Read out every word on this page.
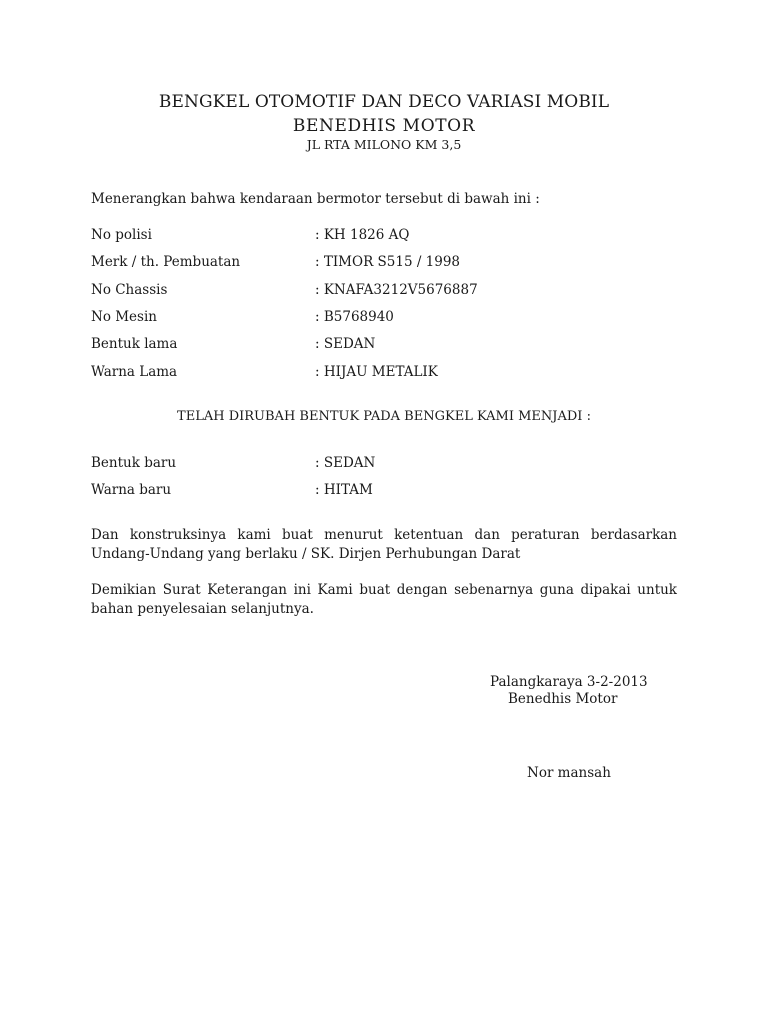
BENGKEL OTOMOTIF DAN DECO VARIASI MOBIL
BENEDHIS MOTOR
JL RTA MILONO KM 3,5
Menerangkan bahwa kendaraan bermotor tersebut di bawah ini :
No polisi	: KH 1826 AQ
Merk / th. Pembuatan	: TIMOR S515 / 1998
No Chassis	: KNAFA3212V5676887
No Mesin	: B5768940
Bentuk lama	: SEDAN
Warna Lama	: HIJAU METALIK
TELAH DIRUBAH BENTUK PADA BENGKEL KAMI MENJADI :
Bentuk baru	: SEDAN
Warna baru	: HITAM
Dan konstruksinya kami buat menurut ketentuan dan peraturan berdasarkan Undang-Undang yang berlaku / SK. Dirjen Perhubungan Darat
Demikian Surat Keterangan ini Kami buat dengan sebenarnya guna dipakai untuk bahan penyelesaian selanjutnya.
Palangkaraya 3-2-2013
Benedhis Motor
Nor mansah
